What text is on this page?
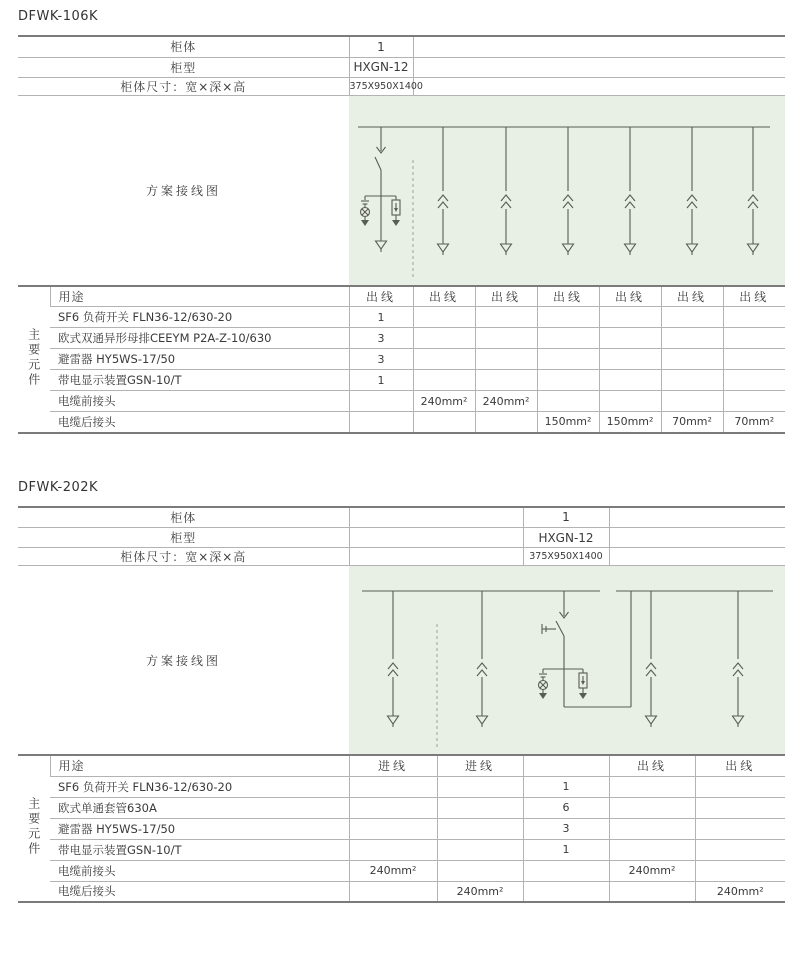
DFWK-106K
柜体	1	
柜型	HXGN-12	
柜体尺寸：宽×深×高	375X950X1400	
方案接线图
主要元件	用途	出线	出线	出线	出线	出线	出线	出线
	SF6 负荷开关 FLN36-12/630-20	1						
	欧式双通异形母排CEEYM P2A-Z-10/630	3						
	避雷器 HY5WS-17/50	3						
	带电显示装置GSN-10/T	1						
	电缆前接头		240mm²	240mm²				
	电缆后接头				150mm²	150mm²	70mm²	70mm²
DFWK-202K
柜体		1	
柜型		HXGN-12	
柜体尺寸：宽×深×高		375X950X1400	
方案接线图
主要元件	用途	进线	进线		出线	出线
	SF6 负荷开关 FLN36-12/630-20			1		
	欧式单通套管630A			6		
	避雷器 HY5WS-17/50			3		
	带电显示装置GSN-10/T			1		
	电缆前接头	240mm²			240mm²	
	电缆后接头		240mm²			240mm²
